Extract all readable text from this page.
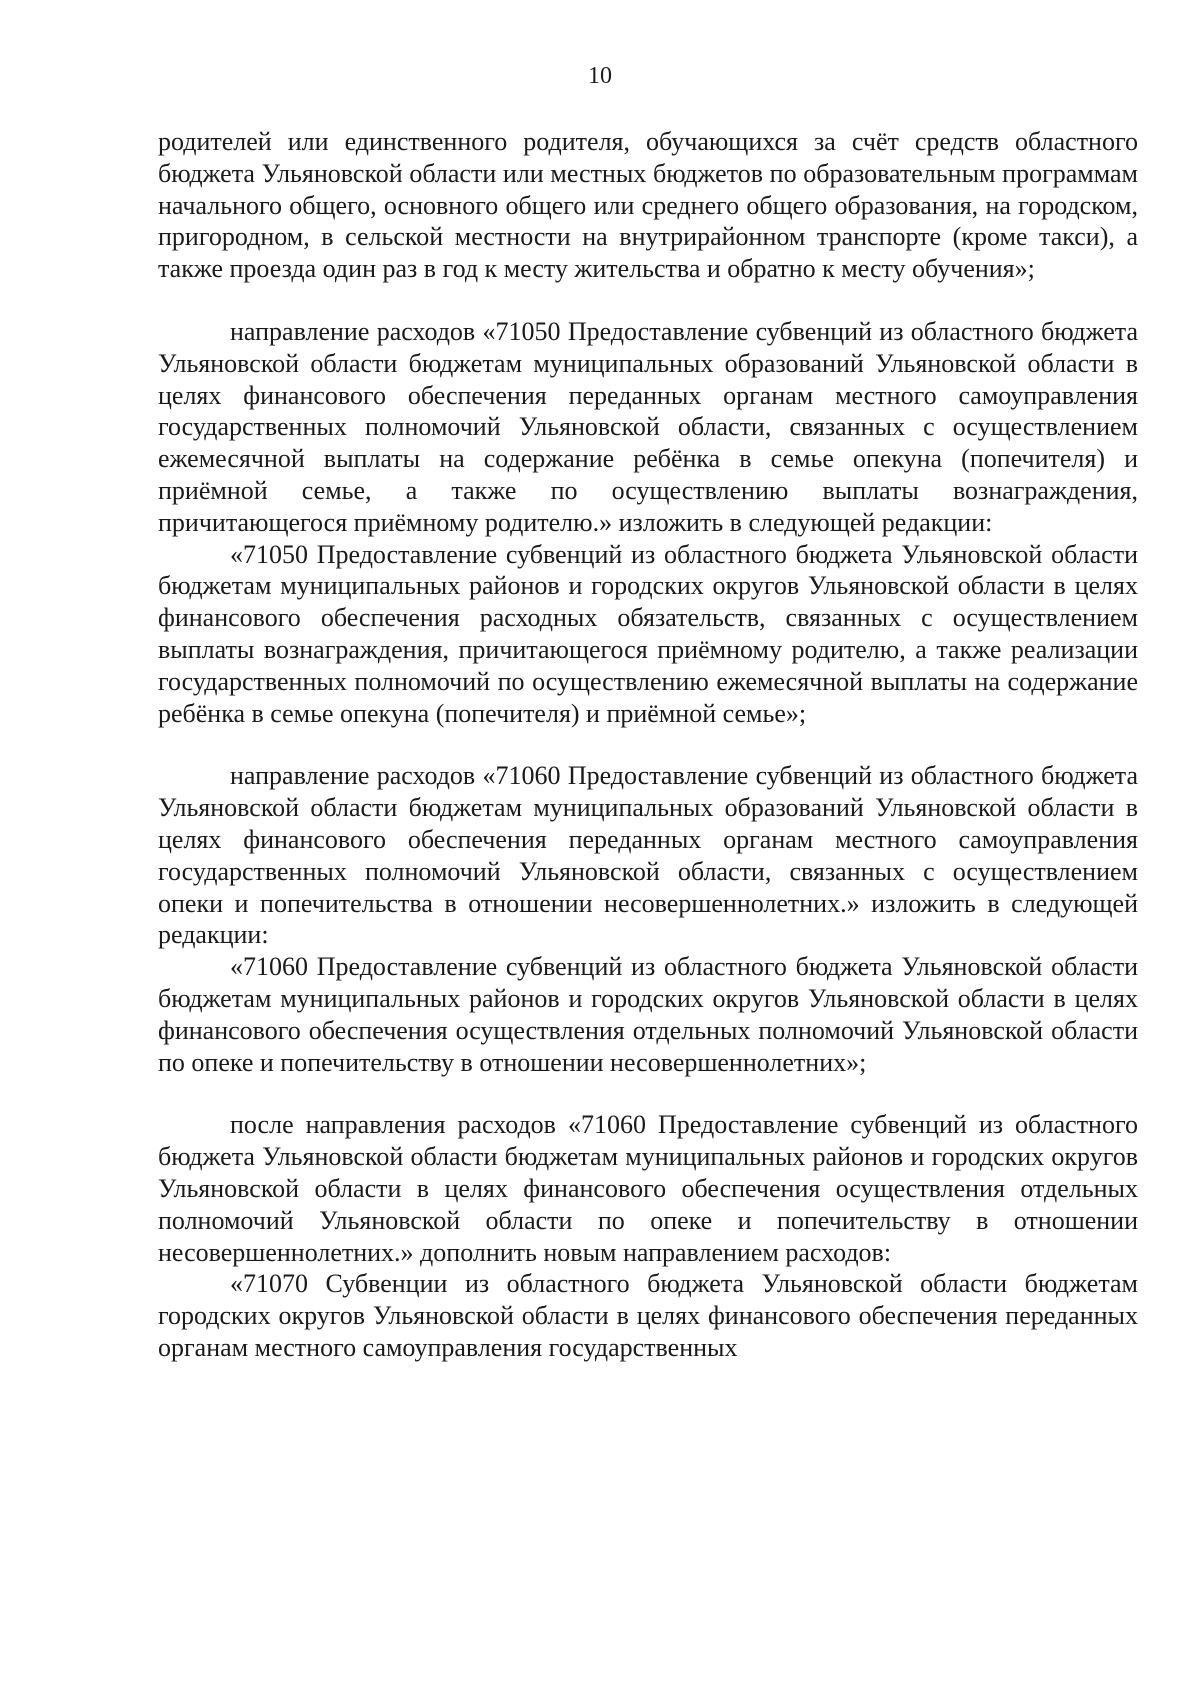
10

родителей или единственного родителя, обучающихся за счёт средств областного бюджета Ульяновской области или местных бюджетов по образовательным программам начального общего, основного общего или среднего общего образования, на городском, пригородном, в сельской местности на внутрирайонном транспорте (кроме такси), а также проезда один раз в год к месту жительства и обратно к месту обучения»;

направление расходов «71050 Предоставление субвенций из областного бюджета Ульяновской области бюджетам муниципальных образований Ульяновской области в целях финансового обеспечения переданных органам местного самоуправления государственных полномочий Ульяновской области, связанных с осуществлением ежемесячной выплаты на содержание ребёнка в семье опекуна (попечителя) и приёмной семье, а также по осуществлению выплаты вознаграждения, причитающегося приёмному родителю.» изложить в следующей редакции:

«71050 Предоставление субвенций из областного бюджета Ульяновской области бюджетам муниципальных районов и городских округов Ульяновской области в целях финансового обеспечения расходных обязательств, связанных с осуществлением выплаты вознаграждения, причитающегося приёмному родителю, а также реализации государственных полномочий по осуществлению ежемесячной выплаты на содержание ребёнка в семье опекуна (попечителя) и приёмной семье»;

направление расходов «71060 Предоставление субвенций из областного бюджета Ульяновской области бюджетам муниципальных образований Ульяновской области в целях финансового обеспечения переданных органам местного самоуправления государственных полномочий Ульяновской области, связанных с осуществлением опеки и попечительства в отношении несовершеннолетних.» изложить в следующей редакции:

«71060 Предоставление субвенций из областного бюджета Ульяновской области бюджетам муниципальных районов и городских округов Ульяновской области в целях финансового обеспечения осуществления отдельных полномочий Ульяновской области по опеке и попечительству в отношении несовершеннолетних»;

после направления расходов «71060 Предоставление субвенций из областного бюджета Ульяновской области бюджетам муниципальных районов и городских округов Ульяновской области в целях финансового обеспечения осуществления отдельных полномочий Ульяновской области по опеке и попечительству в отношении несовершеннолетних.» дополнить новым направлением расходов:

«71070 Субвенции из областного бюджета Ульяновской области бюджетам городских округов Ульяновской области в целях финансового обеспечения переданных органам местного самоуправления государственных
